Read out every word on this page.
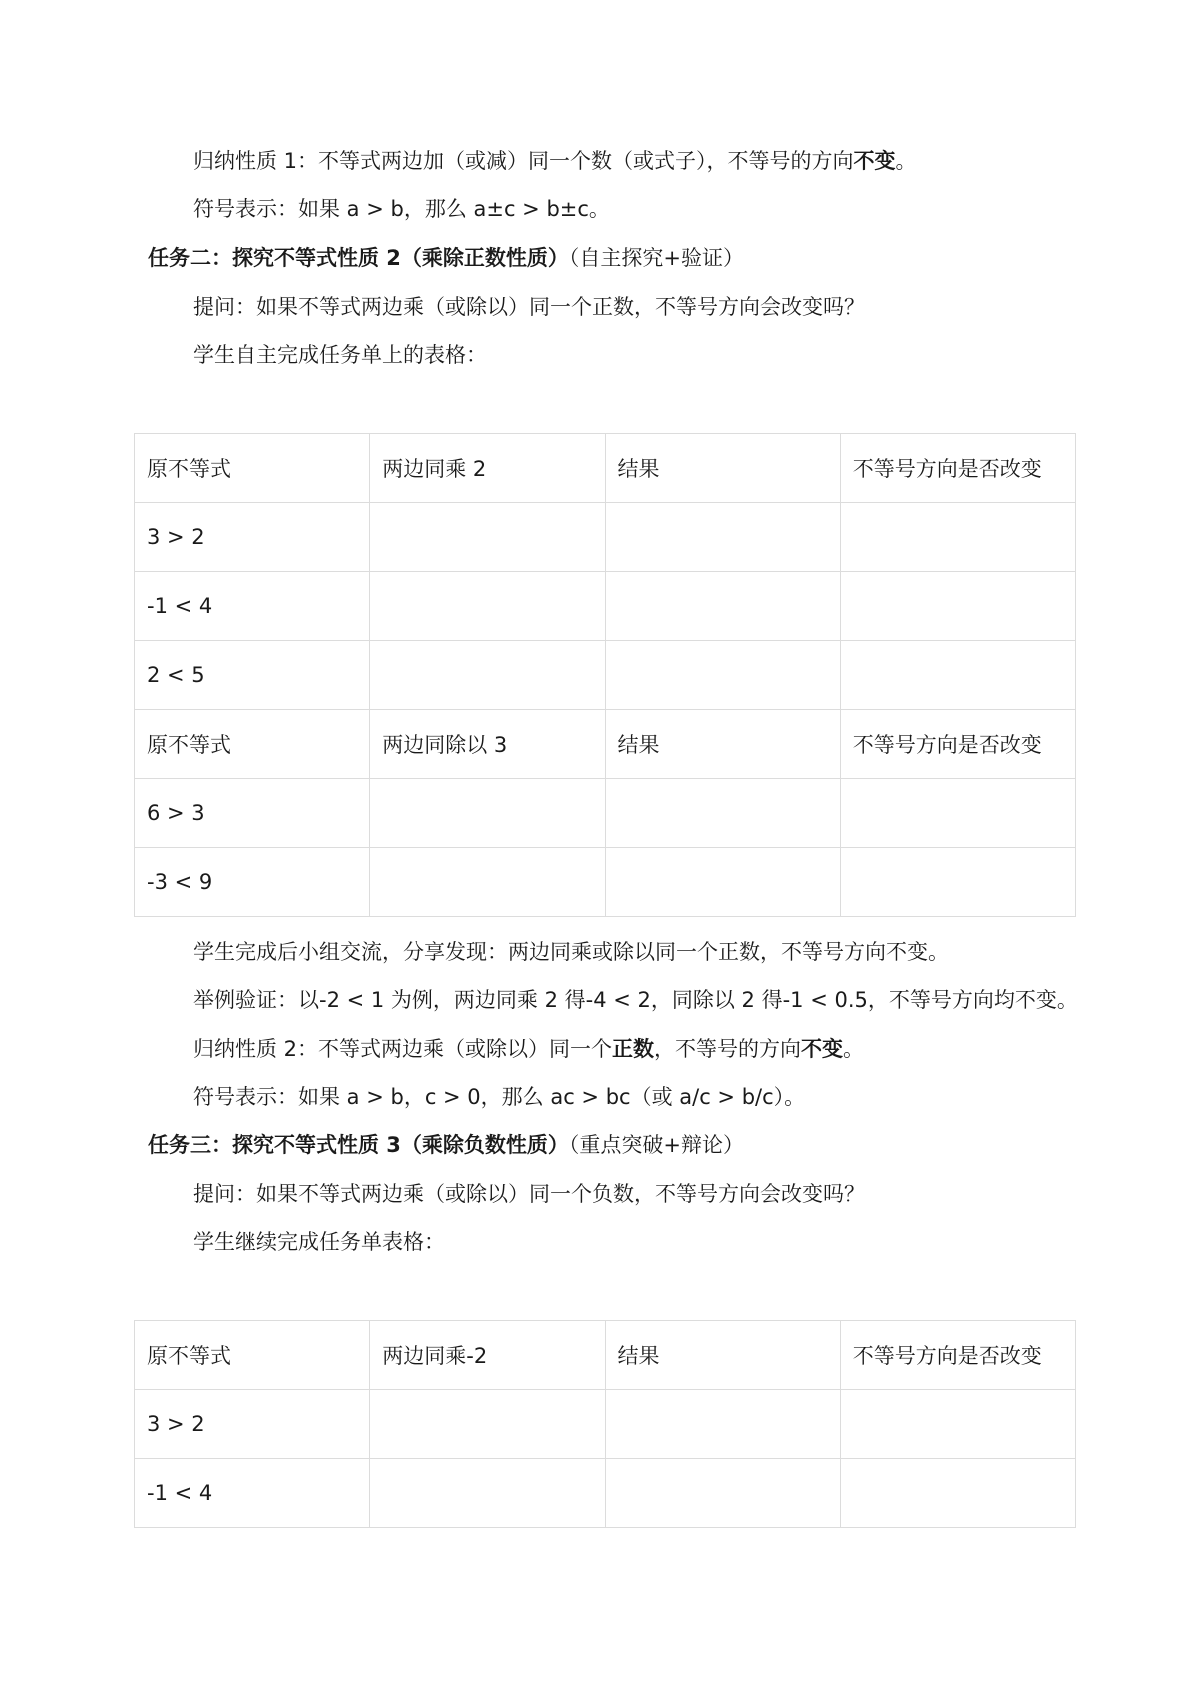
归纳性质 1：不等式两边加（或减）同一个数（或式子），不等号的方向不变。
符号表示：如果 a > b，那么 a±c > b±c。
任务二：探究不等式性质 2（乘除正数性质）（自主探究+验证）
提问：如果不等式两边乘（或除以）同一个正数，不等号方向会改变吗？
学生自主完成任务单上的表格：
原不等式	两边同乘 2	结果	不等号方向是否改变
3 > 2			
-1 < 4			
2 < 5			
原不等式	两边同除以 3	结果	不等号方向是否改变
6 > 3			
-3 < 9			
学生完成后小组交流，分享发现：两边同乘或除以同一个正数，不等号方向不变。
举例验证：以-2 < 1 为例，两边同乘 2 得-4 < 2，同除以 2 得-1 < 0.5，不等号方向均不变。
归纳性质 2：不等式两边乘（或除以）同一个正数，不等号的方向不变。
符号表示：如果 a > b，c > 0，那么 ac > bc（或 a/c > b/c）。
任务三：探究不等式性质 3（乘除负数性质）（重点突破+辩论）
提问：如果不等式两边乘（或除以）同一个负数，不等号方向会改变吗？
学生继续完成任务单表格：
原不等式	两边同乘-2	结果	不等号方向是否改变
3 > 2			
-1 < 4			
